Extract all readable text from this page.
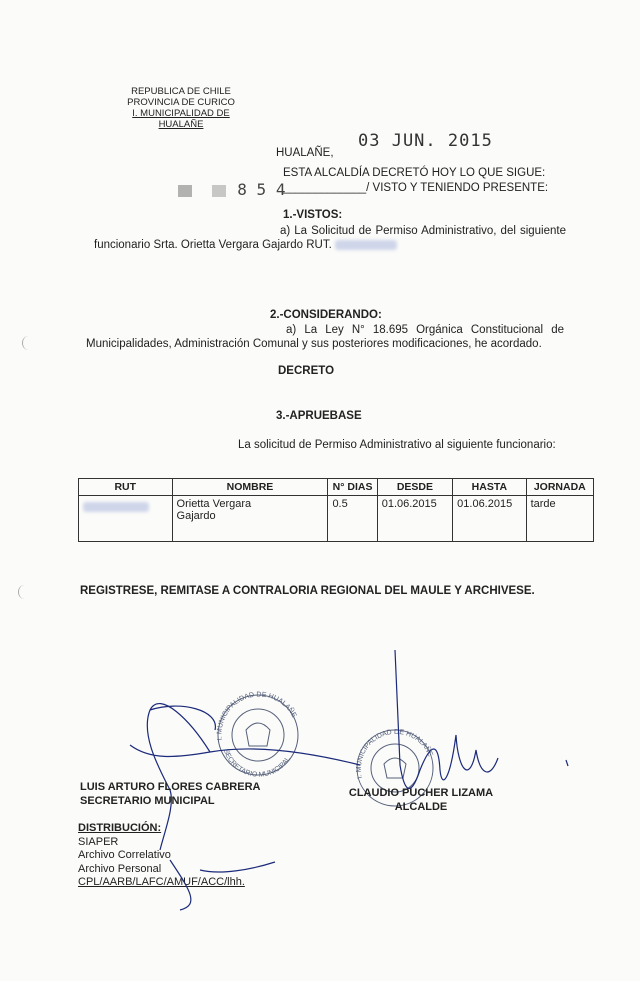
REPUBLICA DE CHILE
PROVINCIA DE CURICO
I. MUNICIPALIDAD DE HUALAÑE
03 JUN. 2015
8 5 4
HUALAÑE,
ESTA ALCALDÍA DECRETÓ HOY LO QUE SIGUE:
_____________/ VISTO Y TENIENDO PRESENTE:
1.-VISTOS:
a) La Solicitud de Permiso Administrativo, del siguiente funcionario Srta. Orietta Vergara Gajardo RUT.
2.-CONSIDERANDO:
a) La Ley N° 18.695 Orgánica Constitucional de Municipalidades, Administración Comunal y sus posteriores modificaciones, he acordado.
DECRETO
3.-APRUEBASE
La solicitud de Permiso Administrativo al siguiente funcionario:
RUT	NOMBRE	N° DIAS	DESDE	HASTA	JORNADA
	Orietta Vergara Gajardo	0.5	01.06.2015	01.06.2015	tarde
REGISTRESE, REMITASE A CONTRALORIA REGIONAL DEL MAULE Y ARCHIVESE.
I. MUNICIPALIDAD DE HUALAÑE
SECRETARIO MUNICIPAL
I. MUNICIPALIDAD DE HUALAÑE
LUIS ARTURO FLORES CABRERA
SECRETARIO MUNICIPAL
CLAUDIO PUCHER LIZAMA
ALCALDE
DISTRIBUCIÓN:
SIAPER
Archivo Correlativo
Archivo Personal
CPL/AARB/LAFC/AMUF/ACC/lhh.
